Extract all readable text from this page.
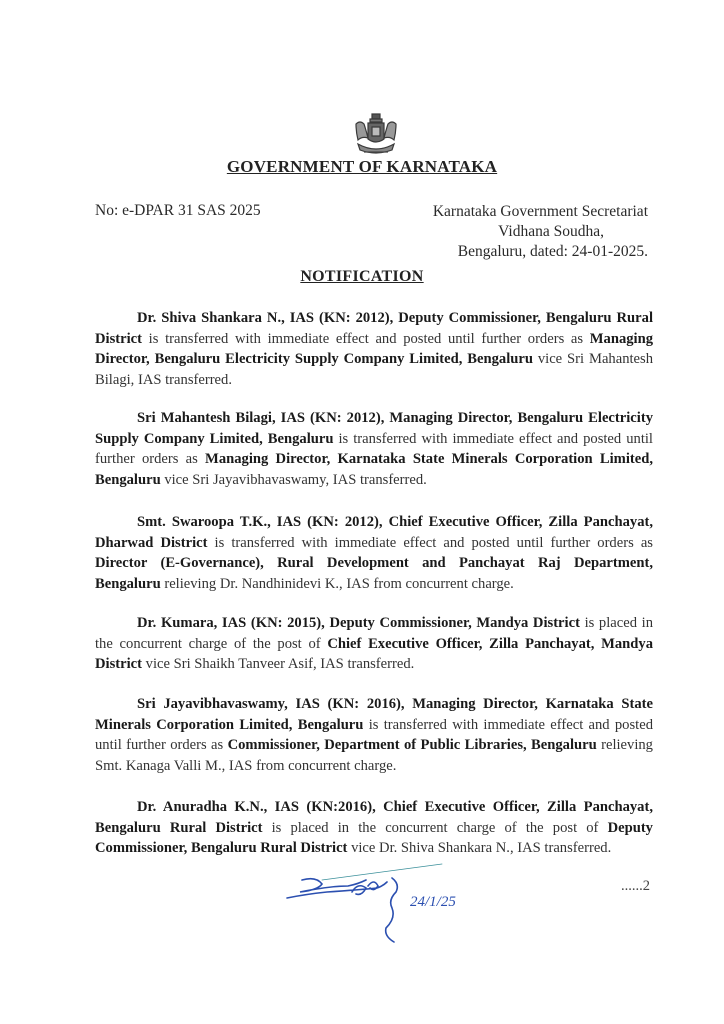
GOVERNMENT OF KARNATAKA
No: e-DPAR 31 SAS 2025	Karnataka Government Secretariat
Vidhana Soudha,
Bengaluru, dated: 24-01-2025.
NOTIFICATION
Dr. Shiva Shankara N., IAS (KN: 2012), Deputy Commissioner, Bengaluru Rural District is transferred with immediate effect and posted until further orders as Managing Director, Bengaluru Electricity Supply Company Limited, Bengaluru vice Sri Mahantesh Bilagi, IAS transferred.
Sri Mahantesh Bilagi, IAS (KN: 2012), Managing Director, Bengaluru Electricity Supply Company Limited, Bengaluru is transferred with immediate effect and posted until further orders as Managing Director, Karnataka State Minerals Corporation Limited, Bengaluru vice Sri Jayavibhavaswamy, IAS transferred.
Smt. Swaroopa T.K., IAS (KN: 2012), Chief Executive Officer, Zilla Panchayat, Dharwad District is transferred with immediate effect and posted until further orders as Director (E-Governance), Rural Development and Panchayat Raj Department, Bengaluru relieving Dr. Nandhinidevi K., IAS from concurrent charge.
Dr. Kumara, IAS (KN: 2015), Deputy Commissioner, Mandya District is placed in the concurrent charge of the post of Chief Executive Officer, Zilla Panchayat, Mandya District vice Sri Shaikh Tanveer Asif, IAS transferred.
Sri Jayavibhavaswamy, IAS (KN: 2016), Managing Director, Karnataka State Minerals Corporation Limited, Bengaluru is transferred with immediate effect and posted until further orders as Commissioner, Department of Public Libraries, Bengaluru relieving Smt. Kanaga Valli M., IAS from concurrent charge.
Dr. Anuradha K.N., IAS (KN:2016), Chief Executive Officer, Zilla Panchayat, Bengaluru Rural District is placed in the concurrent charge of the post of Deputy Commissioner, Bengaluru Rural District vice Dr. Shiva Shankara N., IAS transferred.
24/1/25
......2
